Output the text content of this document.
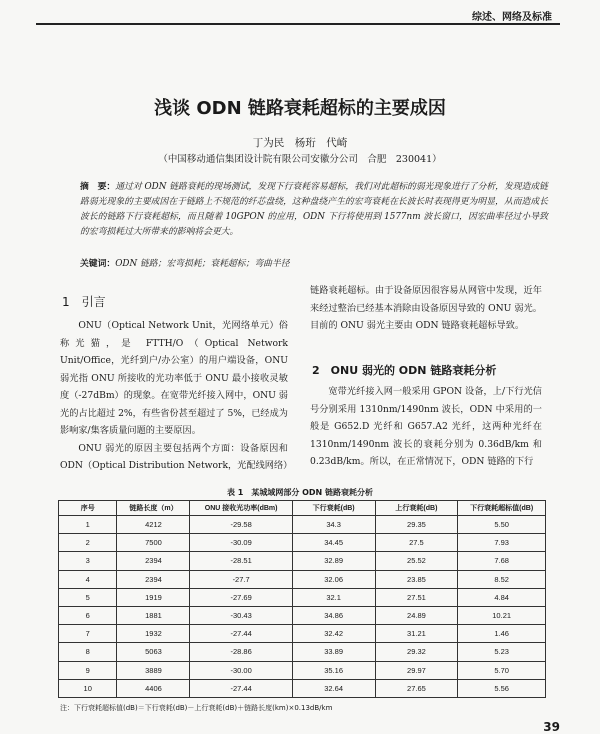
综述、网络及标准
浅谈 ODN 链路衰耗超标的主要成因
丁为民　杨珩　代崎
（中国移动通信集团设计院有限公司安徽分公司　合肥　230041）
摘　要：通过对 ODN 链路衰耗的现场测试，发现下行衰耗容易超标，我们对此超标的弱光现象进行了分析，发现造成链路弱光现象的主要成因在于链路上不规范的纤芯盘绕，这种盘绕产生的宏弯衰耗在长波长时表现得更为明显，从而造成长波长的链路下行衰耗超标，而且随着 10GPON 的应用，ODN 下行将使用到 1577nm 波长窗口，因宏曲率径过小导致的宏弯损耗过大所带来的影响将会更大。
关键词：ODN 链路；宏弯损耗；衰耗超标；弯曲半径
1　引言

ONU（Optical Network Unit，光网络单元）俗称光猫，是 FTTH/O（Optical Network Unit/Office，光纤到户/办公室）的用户端设备，ONU 弱光指 ONU 所接收的光功率低于 ONU 最小接收灵敏度（-27dBm）的现象。在宽带光纤接入网中，ONU 弱光的占比超过 2%，有些省份甚至超过了 5%，已经成为影响家/集客质量问题的主要原因。

ONU 弱光的原因主要包括两个方面：设备原因和 ODN（Optical Distribution Network，光配线网络）

链路衰耗超标。由于设备原因很容易从网管中发现，近年来经过整治已经基本消除由设备原因导致的 ONU 弱光。目前的 ONU 弱光主要由 ODN 链路衰耗超标导致。

2　ONU 弱光的 ODN 链路衰耗分析

宽带光纤接入网一般采用 GPON 设备，上/下行光信号分别采用 1310nm/1490nm 波长，ODN 中采用的一般是 G652.D 光纤和 G657.A2 光纤，这两种光纤在 1310nm/1490nm 波长的衰耗分别为 0.36dB/km 和 0.23dB/km。所以，在正常情况下，ODN 链路的下行

表 1　某城域网部分 ODN 链路衰耗分析
序号	链路长度（m）	ONU 接收光功率(dBm)	下行衰耗(dB)	上行衰耗(dB)	下行衰耗超标值(dB)
1	4212	-29.58	34.3	29.35	5.50
2	7500	-30.09	34.45	27.5	7.93
3	2394	-28.51	32.89	25.52	7.68
4	2394	-27.7	32.06	23.85	8.52
5	1919	-27.69	32.1	27.51	4.84
6	1881	-30.43	34.86	24.89	10.21
7	1932	-27.44	32.42	31.21	1.46
8	5063	-28.86	33.89	29.32	5.23
9	3889	-30.00	35.16	29.97	5.70
10	4406	-27.44	32.64	27.65	5.56
注：下行衰耗超标值(dB)＝下行衰耗(dB)－上行衰耗(dB)＋链路长度(km)×0.13dB/km
39
